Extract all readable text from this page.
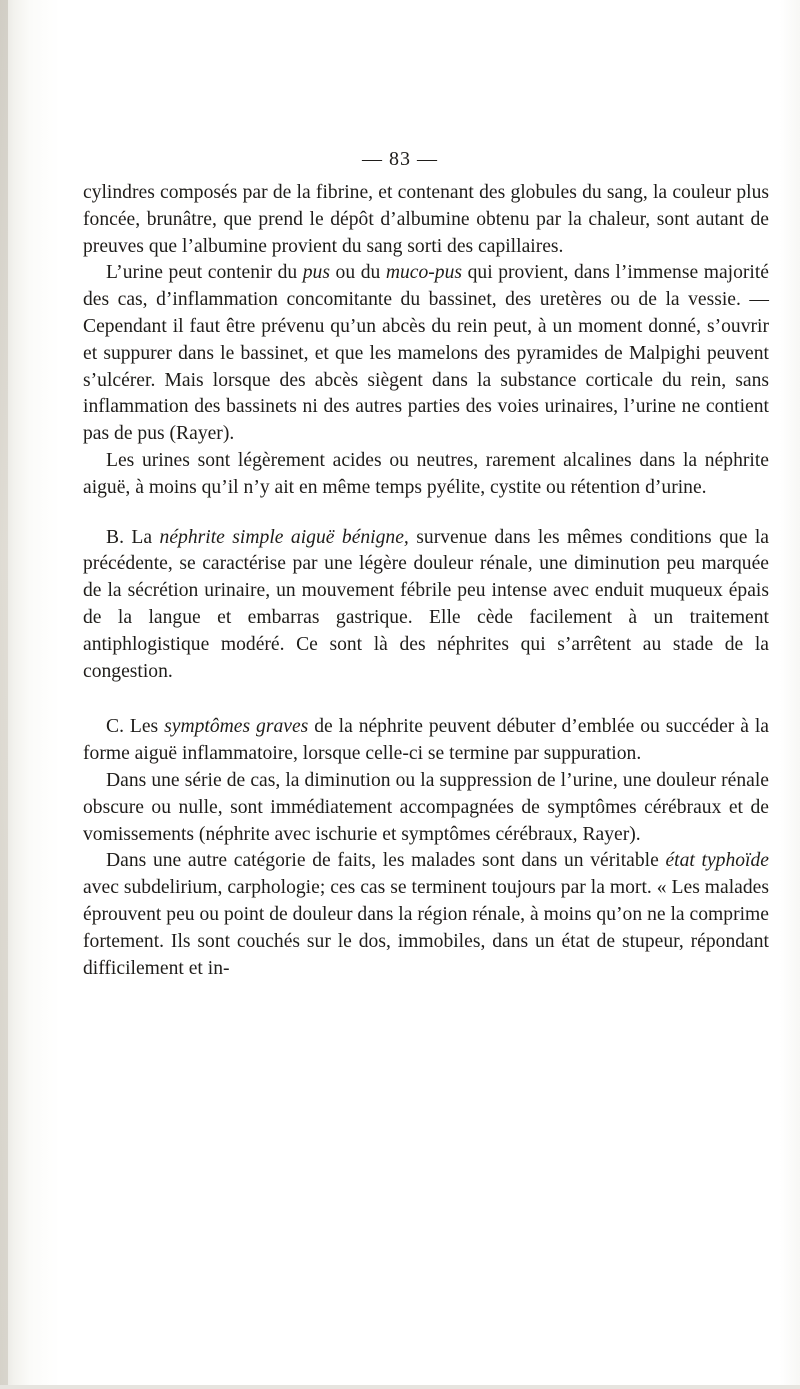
— 83 —

cylindres composés par de la fibrine, et contenant des globules du sang, la couleur plus foncée, brunâtre, que prend le dépôt d’albumine obtenu par la chaleur, sont autant de preuves que l’albumine provient du sang sorti des capillaires.

L’urine peut contenir du pus ou du muco-pus qui provient, dans l’immense majorité des cas, d’inflammation concomitante du bassinet, des uretères ou de la vessie. — Cependant il faut être prévenu qu’un abcès du rein peut, à un moment donné, s’ouvrir et suppurer dans le bassinet, et que les mamelons des pyramides de Malpighi peuvent s’ulcérer. Mais lorsque des abcès siègent dans la substance corticale du rein, sans inflammation des bassinets ni des autres parties des voies urinaires, l’urine ne contient pas de pus (Rayer).

Les urines sont légèrement acides ou neutres, rarement alcalines dans la néphrite aiguë, à moins qu’il n’y ait en même temps pyélite, cystite ou rétention d’urine.

B. La néphrite simple aiguë bénigne, survenue dans les mêmes conditions que la précédente, se caractérise par une légère douleur rénale, une diminution peu marquée de la sécrétion urinaire, un mouvement fébrile peu intense avec enduit muqueux épais de la langue et embarras gastrique. Elle cède facilement à un traitement antiphlogistique modéré. Ce sont là des néphrites qui s’arrêtent au stade de la congestion.

C. Les symptômes graves de la néphrite peuvent débuter d’emblée ou succéder à la forme aiguë inflammatoire, lorsque celle-ci se termine par suppuration.

Dans une série de cas, la diminution ou la suppression de l’urine, une douleur rénale obscure ou nulle, sont immédiatement accompagnées de symptômes cérébraux et de vomissements (néphrite avec ischurie et symptômes cérébraux, Rayer).

Dans une autre catégorie de faits, les malades sont dans un véritable état typhoïde avec subdelirium, carphologie; ces cas se terminent toujours par la mort. « Les malades éprouvent peu ou point de douleur dans la région rénale, à moins qu’on ne la comprime fortement. Ils sont couchés sur le dos, immobiles, dans un état de stupeur, répondant difficilement et in-
